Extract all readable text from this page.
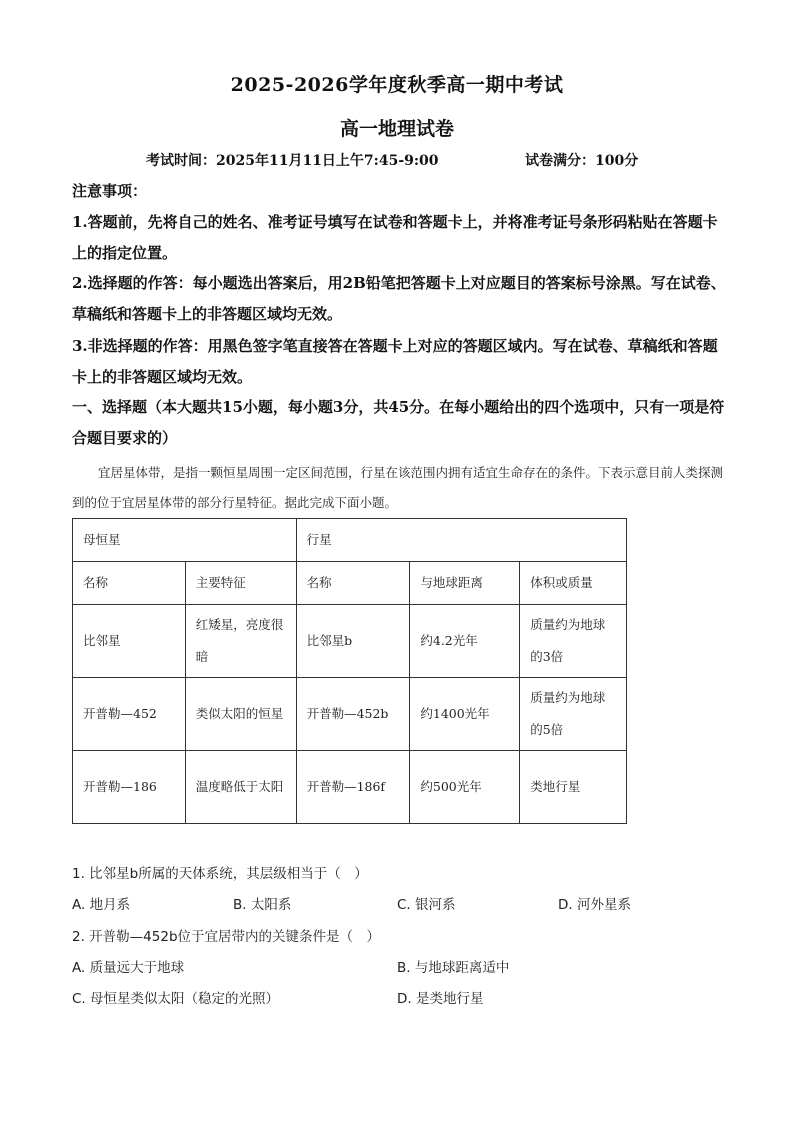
2025-2026学年度秋季高一期中考试
高一地理试卷
考试时间：2025年11月11日上午7:45-9:00	试卷满分：100分
注意事项：
1.答题前，先将自己的姓名、准考证号填写在试卷和答题卡上，并将准考证号条形码粘贴在答题卡上的指定位置。
2.选择题的作答：每小题选出答案后，用2B铅笔把答题卡上对应题目的答案标号涂黑。写在试卷、草稿纸和答题卡上的非答题区域均无效。
3.非选择题的作答：用黑色签字笔直接答在答题卡上对应的答题区域内。写在试卷、草稿纸和答题卡上的非答题区域均无效。
一、选择题（本大题共15小题，每小题3分，共45分。在每小题给出的四个选项中，只有一项是符合题目要求的）
宜居星体带，是指一颗恒星周围一定区间范围，行星在该范围内拥有适宜生命存在的条件。下表示意目前人类探测到的位于宜居星体带的部分行星特征。据此完成下面小题。
母恒星		行星		
名称	主要特征	名称	与地球距离	体积或质量
比邻星	红矮星，亮度很暗	比邻星b	约4.2光年	质量约为地球的3倍
开普勒—452	类似太阳的恒星	开普勒—452b	约1400光年	质量约为地球的5倍
开普勒—186	温度略低于太阳	开普勒—186f	约500光年	类地行星
1. 比邻星b所属的天体系统，其层级相当于（　）
A. 地月系	B. 太阳系	C. 银河系	D. 河外星系
2. 开普勒—452b位于宜居带内的关键条件是（　）
A. 质量远大于地球	B. 与地球距离适中
C. 母恒星类似太阳（稳定的光照）	D. 是类地行星
